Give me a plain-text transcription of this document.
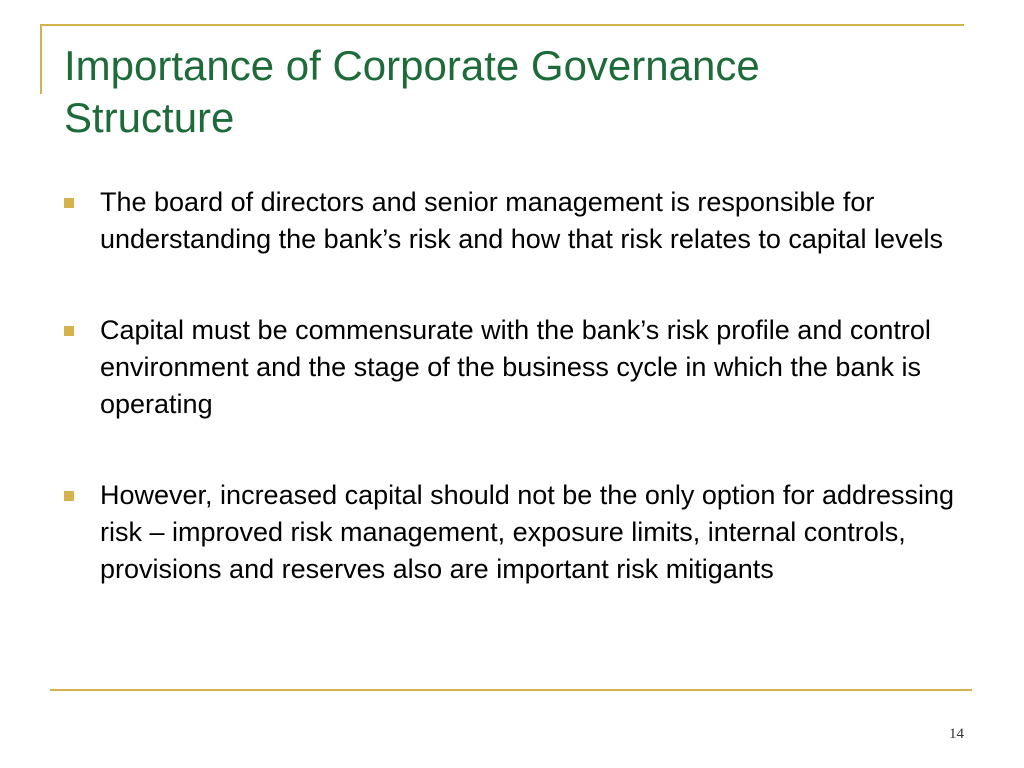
Importance of Corporate Governance
Structure
The board of directors and senior management is responsible for understanding the bank’s risk and how that risk relates to capital levels
Capital must be commensurate with the bank’s risk profile and control environment and the stage of the business cycle in which the bank is operating
However, increased capital should not be the only option for addressing risk – improved risk management, exposure limits, internal controls, provisions and reserves also are important risk mitigants
14
